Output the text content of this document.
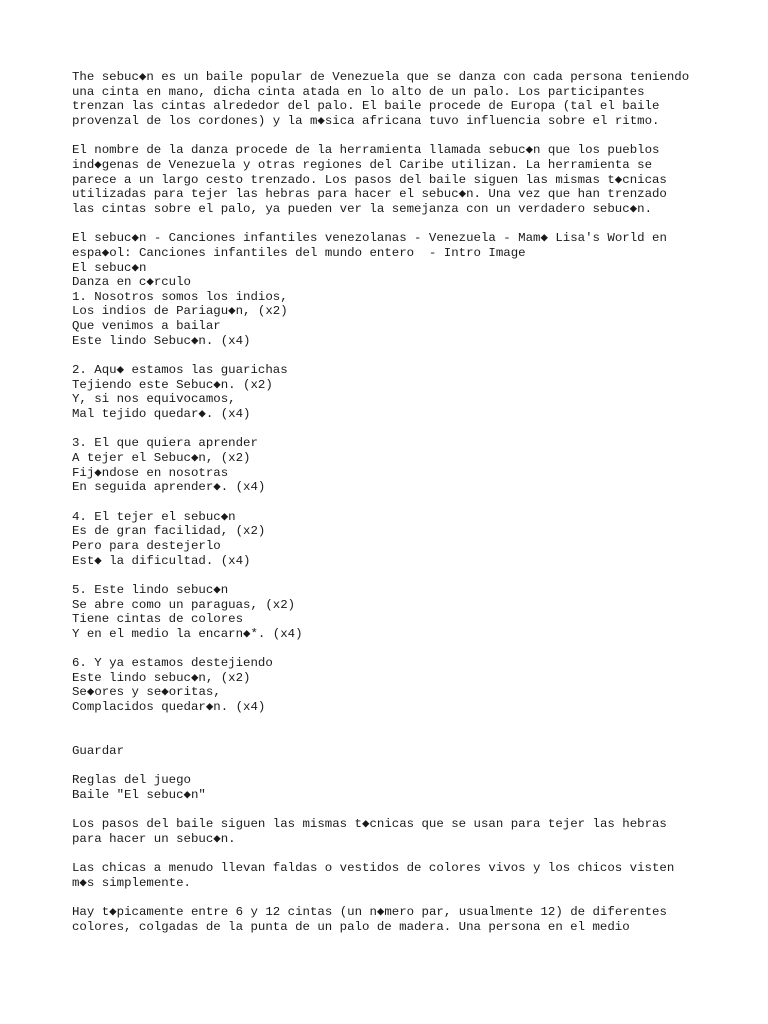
The sebuc◆n es un baile popular de Venezuela que se danza con cada persona teniendo
una cinta en mano, dicha cinta atada en lo alto de un palo. Los participantes
trenzan las cintas alrededor del palo. El baile procede de Europa (tal el baile
provenzal de los cordones) y la m◆sica africana tuvo influencia sobre el ritmo.
El nombre de la danza procede de la herramienta llamada sebuc◆n que los pueblos
ind◆genas de Venezuela y otras regiones del Caribe utilizan. La herramienta se
parece a un largo cesto trenzado. Los pasos del baile siguen las mismas t◆cnicas
utilizadas para tejer las hebras para hacer el sebuc◆n. Una vez que han trenzado
las cintas sobre el palo, ya pueden ver la semejanza con un verdadero sebuc◆n.
El sebuc◆n - Canciones infantiles venezolanas - Venezuela - Mam◆ Lisa's World en
espa◆ol: Canciones infantiles del mundo entero  - Intro Image
El sebuc◆n
Danza en c◆rculo
1. Nosotros somos los indios,
Los indios de Pariagu◆n, (x2)
Que venimos a bailar
Este lindo Sebuc◆n. (x4)
2. Aqu◆ estamos las guarichas
Tejiendo este Sebuc◆n. (x2)
Y, si nos equivocamos,
Mal tejido quedar◆. (x4)
3. El que quiera aprender
A tejer el Sebuc◆n, (x2)
Fij◆ndose en nosotras
En seguida aprender◆. (x4)
4. El tejer el sebuc◆n
Es de gran facilidad, (x2)
Pero para destejerlo
Est◆ la dificultad. (x4)
5. Este lindo sebuc◆n
Se abre como un paraguas, (x2)
Tiene cintas de colores
Y en el medio la encarn◆*. (x4)
6. Y ya estamos destejiendo
Este lindo sebuc◆n, (x2)
Se◆ores y se◆oritas,
Complacidos quedar◆n. (x4)
Guardar
Reglas del juego
Baile "El sebuc◆n"
Los pasos del baile siguen las mismas t◆cnicas que se usan para tejer las hebras
para hacer un sebuc◆n.
Las chicas a menudo llevan faldas o vestidos de colores vivos y los chicos visten
m◆s simplemente.
Hay t◆picamente entre 6 y 12 cintas (un n◆mero par, usualmente 12) de diferentes
colores, colgadas de la punta de un palo de madera. Una persona en el medio
